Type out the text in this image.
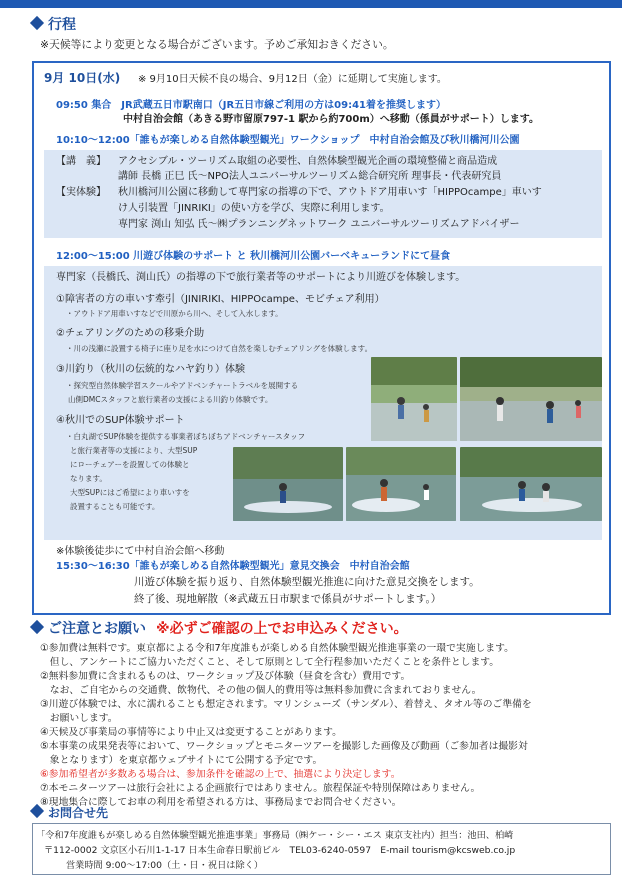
行程
※天候等により変更となる場合がございます。予めご承知おきください。
9月 10日(水) ※ 9月10日天候不良の場合、9月12日（金）に延期して実施します。
09:50 集合　JR武蔵五日市駅南口（JR五日市線ご利用の方は09:41着を推奨します）
中村自治会館（あきる野市留原797-1 駅から約700m）へ移動（係員がサポート）します。
10:10～12:00「誰もが楽しめる自然体験型観光」ワークショップ　中村自治会館及び秋川橋河川公園
【講　義】 アクセシブル・ツーリズム取組の必要性、自然体験型観光企画の環境整備と商品造成
講師 長橋 正巳 氏～NPO法人ユニバーサルツーリズム総合研究所 理事長・代表研究員
【実体験】 秋川橋河川公園に移動して専門家の指導の下で、アウトドア用車いす「HIPPOcampe」車いす
け人引装置「JINRIKI」の使い方を学び、実際に利用します。
専門家 渕山 知弘 氏～㈱プランニングネットワーク ユニバーサルツーリズムアドバイザー
12:00～15:00 川遊び体験のサポート と 秋川橋河川公園バーベキューランドにて昼食
専門家（長橋氏、渕山氏）の指導の下で旅行業者等のサポートにより川遊びを体験します。
①障害者の方の車いす牽引（JINIRIKI、HIPPOcampe、モビチェア利用）
・アウトドア用車いすなどで川原から川へ、そして入水します。
②チェアリングのための移乗介助
・川の浅瀬に設置する椅子に座り足を水につけて自然を楽しむチェアリングを体験します。
③川釣り（秋川の伝統的なハヤ釣り）体験
・探究型自然体験学習スクールやアドベンチャートラベルを展開する
山側DMCスタッフと旅行業者の支援による川釣り体験です。
④秋川でのSUP体験サポート
・白丸湖でSUP体験を提供する事業者ぼちぼちアドベンチャースタッフ
と旅行業者等の支援により、大型SUP
にローチェアーを設置しての体験と
なります。
大型SUPにはご希望により車いすを
設置することも可能です。
※体験後徒歩にて中村自治会館へ移動
15:30～16:30「誰もが楽しめる自然体験型観光」意見交換会　中村自治会館
川遊び体験を振り返り、自然体験型観光推進に向けた意見交換をします。
終了後、現地解散（※武蔵五日市駅まで係員がサポートします。）
ご注意とお願い ※必ずご確認の上でお申込みください。
①参加費は無料です。東京都による令和7年度誰もが楽しめる自然体験型観光推進事業の一環で実施します。
　但し、アンケートにご協力いただくこと、そして原則として全行程参加いただくことを条件とします。
②無料参加費に含まれるものは、ワークショップ及び体験（昼食を含む）費用です。
　なお、ご自宅からの交通費、飲物代、その他の個人的費用等は無料参加費に含まれておりません。
③川遊び体験では、水に濡れることも想定されます。マリンシューズ（サンダル）、着替え、タオル等のご準備を
　お願いします。
④天候及び事業局の事情等により中止又は変更することがあります。
⑤本事業の成果発表等において、ワークショップとモニターツアーを撮影した画像及び動画（ご参加者は撮影対
　象となります）を東京都ウェブサイトにて公開する予定です。
⑥参加希望者が多数ある場合は、参加条件を確認の上で、抽選により決定します。
⑦本モニターツアーは旅行会社による企画旅行ではありません。旅程保証や特別保障はありません。
⑧現地集合に際してお車の利用を希望される方は、事務局までお問合せください。
お問合せ先
「令和7年度誰もが楽しめる自然体験型観光推進事業」事務局（㈱ケー・シー・エス 東京支社内）担当：池田、柏崎
〒112-0002 文京区小石川1-1-17 日本生命春日駅前ビル　TEL03-6240-0597　E-mail tourism@kcsweb.co.jp
営業時間 9:00～17:00（土・日・祝日は除く）
